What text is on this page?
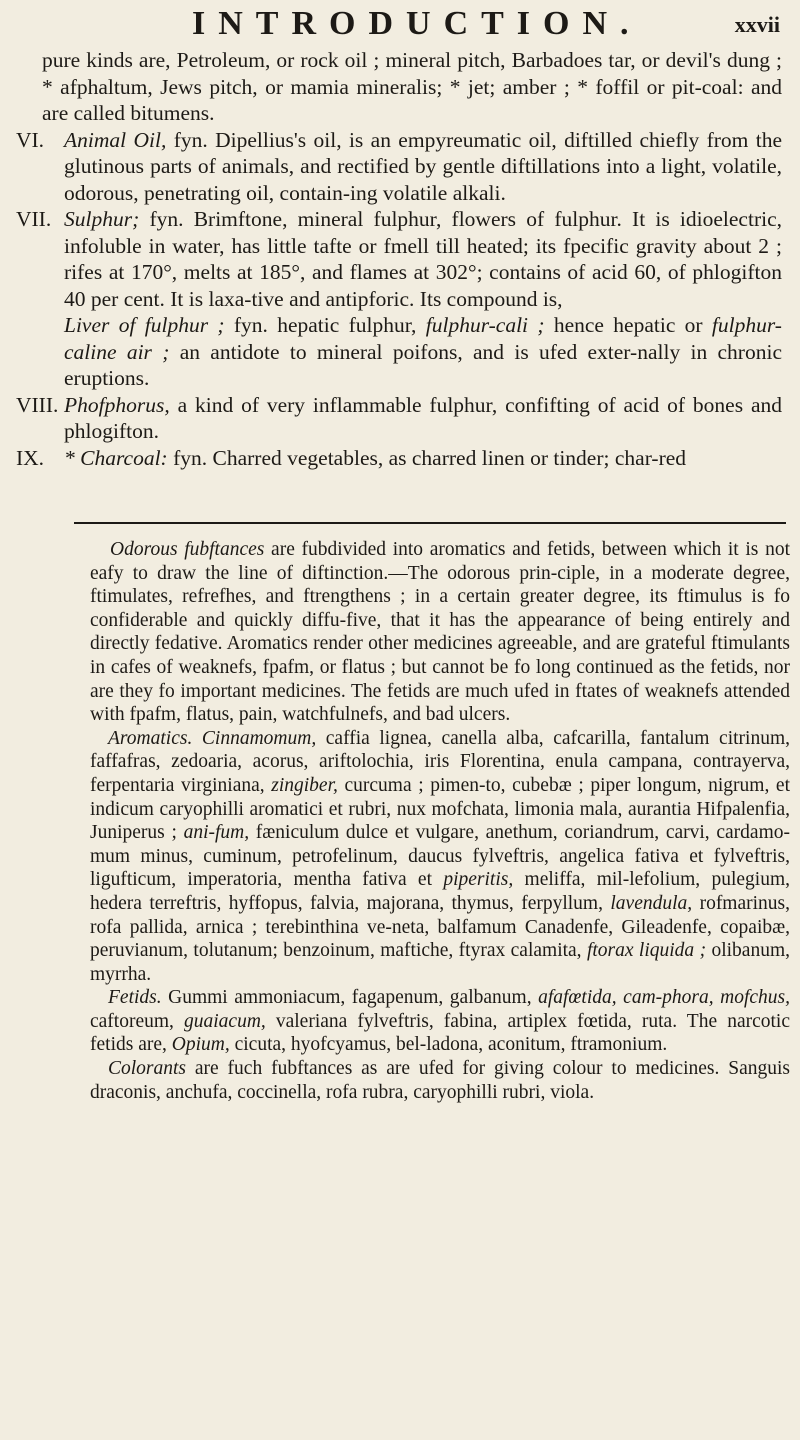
INTRODUCTION.	xxvii

pure kinds are, Petroleum, or rock oil ; mineral pitch, Barbadoes tar, or devil's dung ; * afphaltum, Jews pitch, or mamia mineralis; * jet; amber ; * foffil or pit-coal: and are called bitumens.

VI. Animal Oil, fyn. Dipellius's oil, is an empyreumatic oil, diftilled chiefly from the glutinous parts of animals, and rectified by gentle diftillations into a light, volatile, odorous, penetrating oil, contain-ing volatile alkali.

VII. Sulphur; fyn. Brimftone, mineral fulphur, flowers of fulphur. It is idioelectric, infoluble in water, has little tafte or fmell till heated; its fpecific gravity about 2 ; rifes at 170°, melts at 185°, and flames at 302°; contains of acid 60, of phlogifton 40 per cent. It is laxa-tive and antipforic. Its compound is,

Liver of fulphur ; fyn. hepatic fulphur, fulphur-cali ; hence hepatic or fulphur-caline air ; an antidote to mineral poifons, and is ufed exter-nally in chronic eruptions.

VIII. Phofphorus, a kind of very inflammable fulphur, confifting of acid of bones and phlogifton.

IX. * Charcoal: fyn. Charred vegetables, as charred linen or tinder; char-red

Odorous fubftances are fubdivided into aromatics and fetids, between which it is not eafy to draw the line of diftinction.—The odorous prin-ciple, in a moderate degree, ftimulates, refrefhes, and ftrengthens ; in a certain greater degree, its ftimulus is fo confiderable and quickly diffu-five, that it has the appearance of being entirely and directly fedative. Aromatics render other medicines agreeable, and are grateful ftimulants in cafes of weaknefs, fpafm, or flatus ; but cannot be fo long continued as the fetids, nor are they fo important medicines. The fetids are much ufed in ftates of weaknefs attended with fpafm, flatus, pain, watchfulnefs, and bad ulcers.

Aromatics. Cinnamomum, caffia lignea, canella alba, cafcarilla, fantalum citrinum, faffafras, zedoaria, acorus, ariftolochia, iris Florentina, enula campana, contrayerva, ferpentaria virginiana, zingiber, curcuma ; pimen-to, cubebæ ; piper longum, nigrum, et indicum caryophilli aromatici et rubri, nux mofchata, limonia mala, aurantia Hifpalenfia, Juniperus ; ani-fum, fæniculum dulce et vulgare, anethum, coriandrum, carvi, cardamo-mum minus, cuminum, petrofelinum, daucus fylveftris, angelica fativa et fylveftris, ligufticum, imperatoria, mentha fativa et piperitis, meliffa, mil-lefolium, pulegium, hedera terreftris, hyffopus, falvia, majorana, thymus, ferpyllum, lavendula, rofmarinus, rofa pallida, arnica ; terebinthina ve-neta, balfamum Canadenfe, Gileadenfe, copaibæ, peruvianum, tolutanum; benzoinum, maftiche, ftyrax calamita, ftorax liquida ; olibanum, myrrha.

Fetids. Gummi ammoniacum, fagapenum, galbanum, afafœtida, cam-phora, mofchus, caftoreum, guaiacum, valeriana fylveftris, fabina, artiplex fœtida, ruta. The narcotic fetids are, Opium, cicuta, hyofcyamus, bel-ladona, aconitum, ftramonium.

Colorants are fuch fubftances as are ufed for giving colour to medicines. Sanguis draconis, anchufa, coccinella, rofa rubra, caryophilli rubri, viola.
